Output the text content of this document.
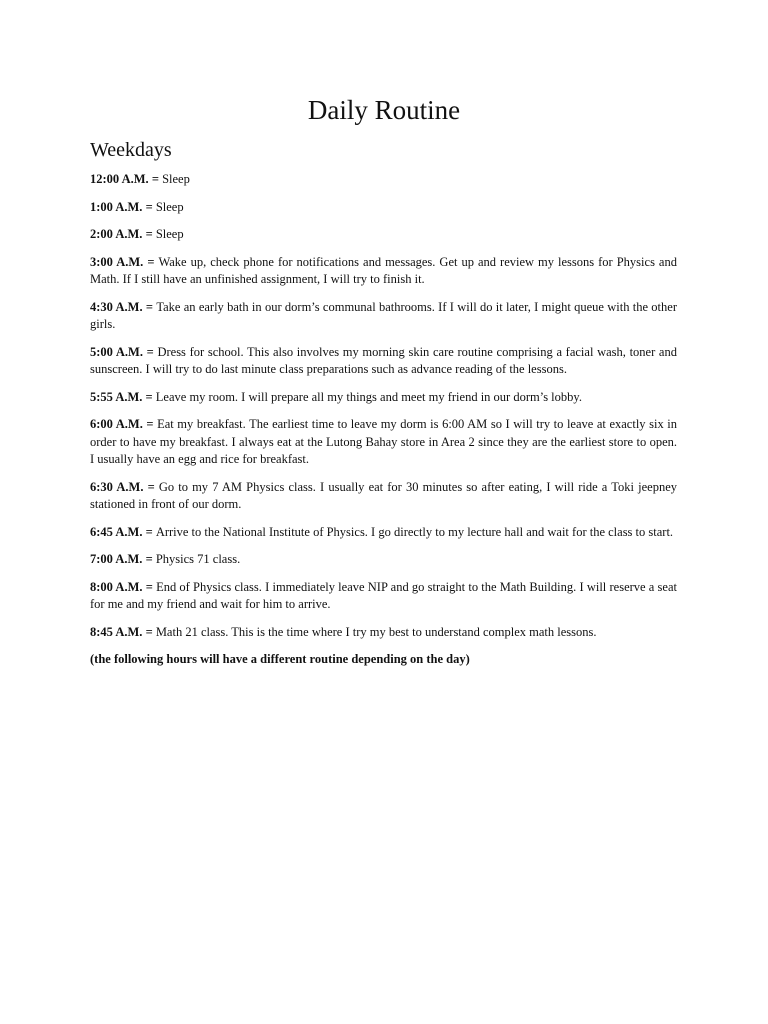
Daily Routine
Weekdays

12:00 A.M. = Sleep

1:00 A.M. = Sleep

2:00 A.M. = Sleep

3:00 A.M. = Wake up, check phone for notifications and messages. Get up and review my lessons for Physics and Math. If I still have an unfinished assignment, I will try to finish it.

4:30 A.M. = Take an early bath in our dorm’s communal bathrooms. If I will do it later, I might queue with the other girls.

5:00 A.M. = Dress for school. This also involves my morning skin care routine comprising a facial wash, toner and sunscreen. I will try to do last minute class preparations such as advance reading of the lessons.

5:55 A.M. = Leave my room. I will prepare all my things and meet my friend in our dorm’s lobby.

6:00 A.M. = Eat my breakfast. The earliest time to leave my dorm is 6:00 AM so I will try to leave at exactly six in order to have my breakfast. I always eat at the Lutong Bahay store in Area 2 since they are the earliest store to open. I usually have an egg and rice for breakfast.

6:30 A.M. = Go to my 7 AM Physics class. I usually eat for 30 minutes so after eating, I will ride a Toki jeepney stationed in front of our dorm.

6:45 A.M. = Arrive to the National Institute of Physics. I go directly to my lecture hall and wait for the class to start.

7:00 A.M. = Physics 71 class.

8:00 A.M. = End of Physics class. I immediately leave NIP and go straight to the Math Building. I will reserve a seat for me and my friend and wait for him to arrive.

8:45 A.M. = Math 21 class. This is the time where I try my best to understand complex math lessons.

(the following hours will have a different routine depending on the day)
